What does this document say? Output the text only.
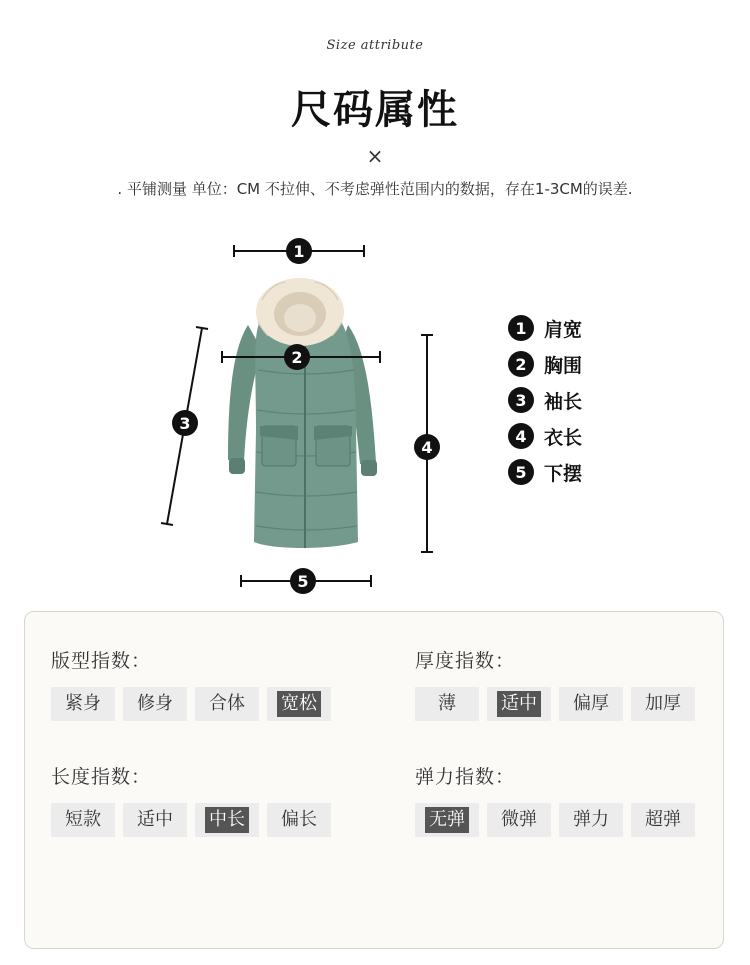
Size attribute
尺码属性
×
. 平铺测量 单位：CM 不拉伸、不考虑弹性范围内的数据，存在1-3CM的误差.
1
2
3
4
5
1 肩宽
2 胸围
3 袖长
4 衣长
5 下摆
版型指数：
紧身 修身 合体 宽松
厚度指数：
薄	适中 偏厚 加厚
长度指数：
短款 适中 中长 偏长
弹力指数：
无弹 微弹 弹力 超弹
